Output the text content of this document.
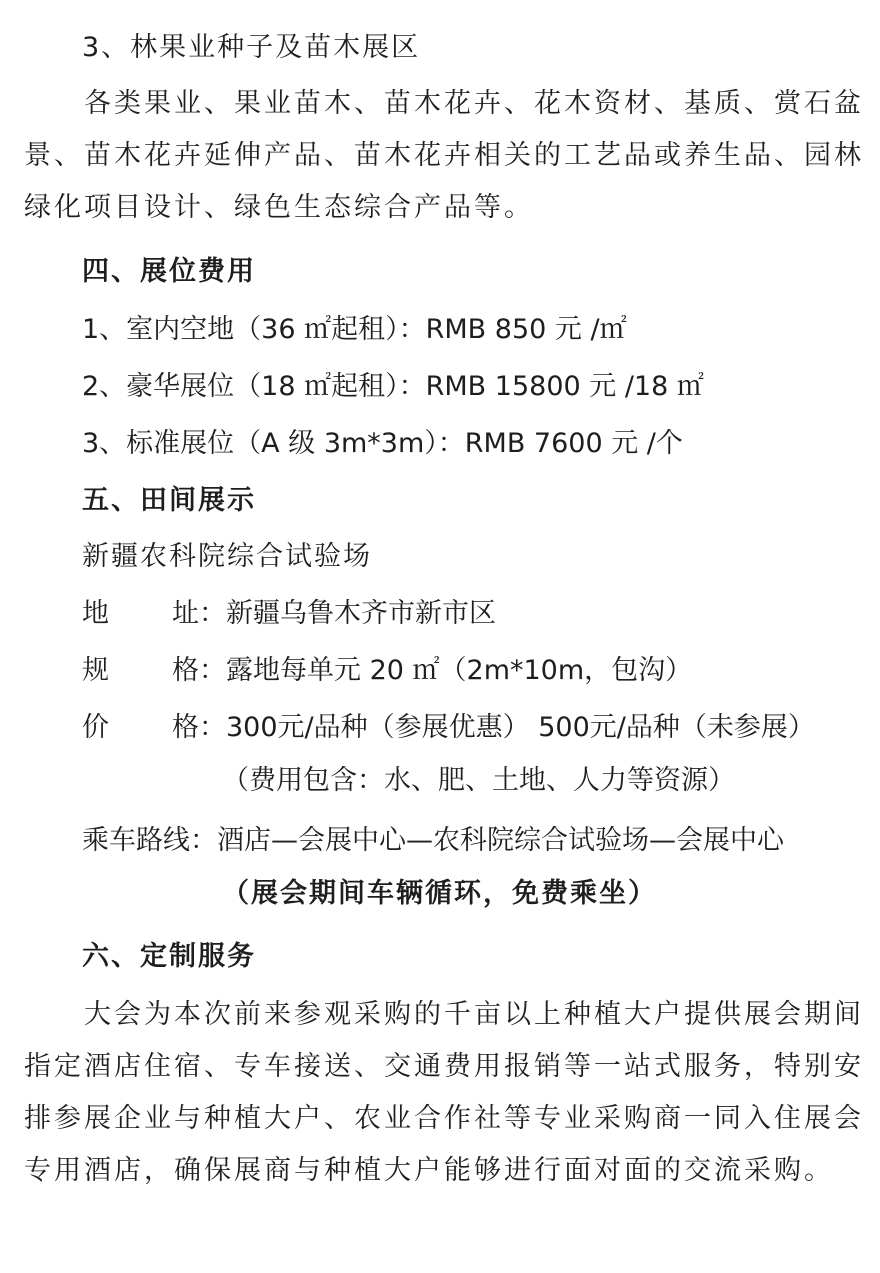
3、林果业种子及苗木展区
各类果业、果业苗木、苗木花卉、花木资材、基质、赏石盆景、苗木花卉延伸产品、苗木花卉相关的工艺品或养生品、园林绿化项目设计、绿色生态综合产品等。
四、展位费用
1、室内空地（36 ㎡起租）：RMB 850 元 /㎡
2、豪华展位（18 ㎡起租）：RMB 15800 元 /18 ㎡
3、标准展位（A 级 3m*3m）：RMB 7600 元 /个
五、田间展示
新疆农科院综合试验场
地 址：新疆乌鲁木齐市新市区
规 格：露地每单元 20 ㎡（2m*10m，包沟）
价 格：300元/品种（参展优惠） 500元/品种（未参展）
（费用包含：水、肥、土地、人力等资源）
乘车路线：酒店—会展中心—农科院综合试验场—会展中心
（展会期间车辆循环，免费乘坐）
六、定制服务
大会为本次前来参观采购的千亩以上种植大户提供展会期间指定酒店住宿、专车接送、交通费用报销等一站式服务，特别安排参展企业与种植大户、农业合作社等专业采购商一同入住展会专用酒店，确保展商与种植大户能够进行面对面的交流采购。
